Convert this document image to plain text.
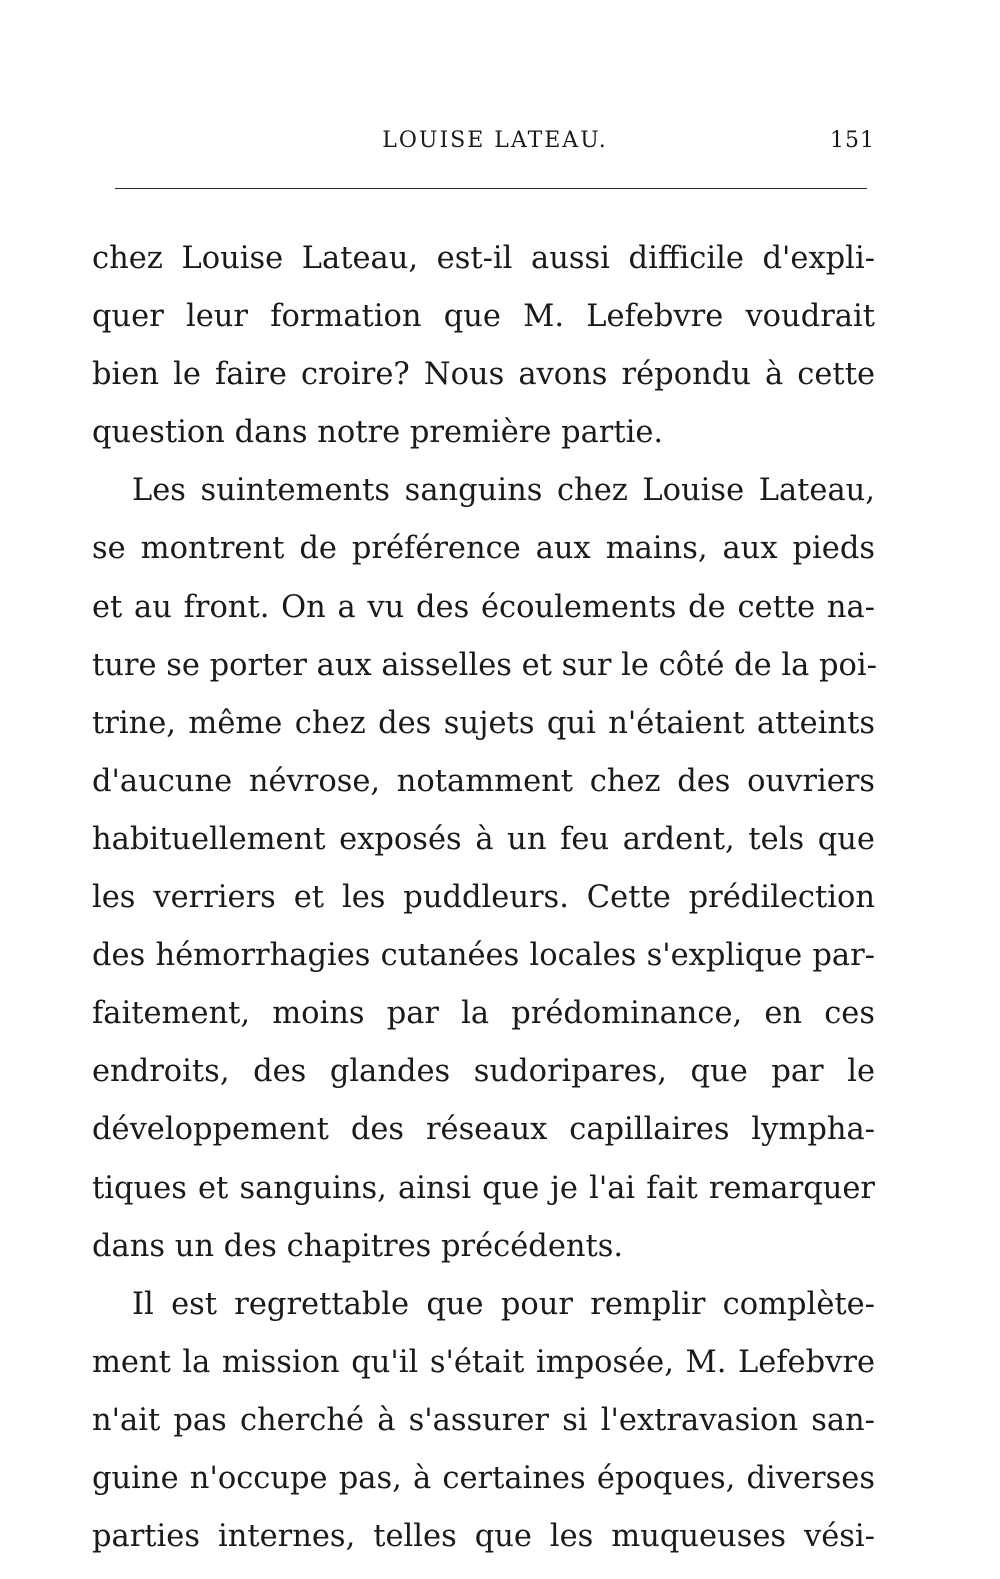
LOUISE LATEAU.	151
chez Louise Lateau, est-il aussi difficile d'expli-
quer leur formation que M. Lefebvre voudrait
bien le faire croire? Nous avons répondu à cette
question dans notre première partie.
Les suintements sanguins chez Louise Lateau,
se montrent de préférence aux mains, aux pieds
et au front. On a vu des écoulements de cette na-
ture se porter aux aisselles et sur le côté de la poi-
trine, même chez des sujets qui n'étaient atteints
d'aucune névrose, notamment chez des ouvriers
habituellement exposés à un feu ardent, tels que
les verriers et les puddleurs. Cette prédilection
des hémorrhagies cutanées locales s'explique par-
faitement, moins par la prédominance, en ces
endroits, des glandes sudoripares, que par le
développement des réseaux capillaires lympha-
tiques et sanguins, ainsi que je l'ai fait remarquer
dans un des chapitres précédents.
Il est regrettable que pour remplir complète-
ment la mission qu'il s'était imposée, M. Lefebvre
n'ait pas cherché à s'assurer si l'extravasion san-
guine n'occupe pas, à certaines époques, diverses
parties internes, telles que les muqueuses vési-
